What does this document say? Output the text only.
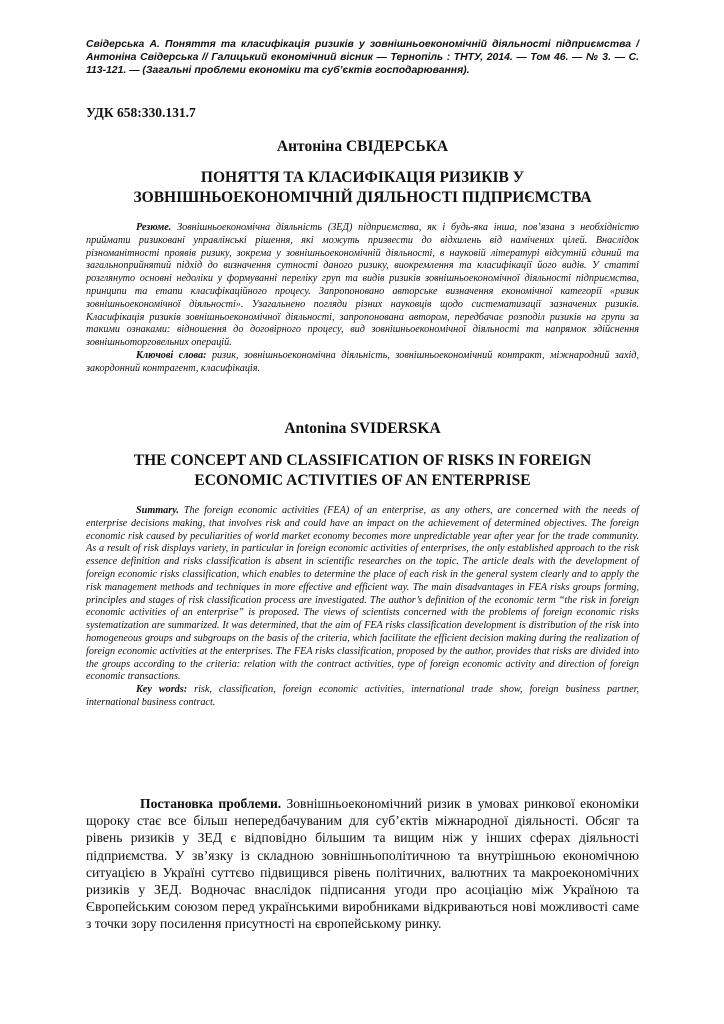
Свідерська А. Поняття та класифікація ризиків у зовнішньоекономічній діяльності підприємства / Антоніна Свідерська // Галицький економічний вісник — Тернопіль : ТНТУ, 2014. — Том 46. — № 3. — С. 113-121. — (Загальні проблеми економіки та суб’єктів господарювання).

УДК 658:330.131.7

Антоніна СВІДЕРСЬКА

ПОНЯТТЯ ТА КЛАСИФІКАЦІЯ РИЗИКІВ У

ЗОВНІШНЬОЕКОНОМІЧНІЙ ДІЯЛЬНОСТІ ПІДПРИЄМСТВА

Резюме. Зовнішньоекономічна діяльність (ЗЕД) підприємства, як і будь-яка інша, пов’язана з необхідністю приймати ризиковані управлінські рішення, які можуть призвести до відхилень від намічених цілей. Внаслідок різноманітності проявів ризику, зокрема у зовнішньоекономічній діяльності, в науковій літературі відсутній єдиний та загальноприйнятий підхід до визначення сутності даного ризику, виокремлення та класифікації його видів. У статті розглянуто основні недоліки у формуванні переліку груп та видів ризиків зовнішньоекономічної діяльності підприємства, принципи та етапи класифікаційного процесу. Запропоновано авторське визначення економічної категорії «ризик зовнішньоекономічної діяльності». Узагальнено погляди різних науковців щодо систематизації зазначених ризиків. Класифікація ризиків зовнішньоекономічної діяльності, запропонована автором, передбачає розподіл ризиків на групи за такими ознаками: відношення до договірного процесу, вид зовнішньоекономічної діяльності та напрямок здійснення зовнішньоторговельних операцій.

Ключові слова: ризик, зовнішньоекономічна діяльність, зовнішньоекономічний контракт, міжнародний захід, закордонний контрагент, класифікація.

Antonina SVIDERSKA

THE CONCEPT AND CLASSIFICATION OF RISKS IN FOREIGN

ECONOMIC ACTIVITIES OF AN ENTERPRISE

Summary. The foreign economic activities (FEA) of an enterprise, as any others, are concerned with the needs of enterprise decisions making, that involves risk and could have an impact on the achievement of determined objectives. The foreign economic risk caused by peculiarities of world market economy becomes more unpredictable year after year for the trade community. As a result of risk displays variety, in particular in foreign economic activities of enterprises, the only established approach to the risk essence definition and risks classification is absent in scientific researches on the topic. The article deals with the development of foreign economic risks classification, which enables to determine the place of each risk in the general system clearly and to apply the risk management methods and techniques in more effective and efficient way. The main disadvantages in FEA risks groups forming, principles and stages of risk classification process are investigated. The author’s definition of the economic term “the risk in foreign economic activities of an enterprise” is proposed. The views of scientists concerned with the problems of foreign economic risks systematization are summarized. It was determined, that the aim of FEA risks classification development is distribution of the risk into homogeneous groups and subgroups on the basis of the criteria, which facilitate the efficient decision making during the realization of foreign economic activities at the enterprises. The FEA risks classification, proposed by the author, provides that risks are divided into the groups according to the criteria: relation with the contract activities, type of foreign economic activity and direction of foreign economic transactions.

Key words: risk, classification, foreign economic activities, international trade show, foreign business partner, international business contract.

Постановка проблеми. Зовнішньоекономічний ризик в умовах ринкової економіки щороку стає все більш непередбачуваним для суб’єктів міжнародної діяльності. Обсяг та рівень ризиків у ЗЕД є відповідно більшим та вищим ніж у інших сферах діяльності підприємства. У зв’язку із складною зовнішньополітичною та внутрішньою економічною ситуацією в Україні суттєво підвищився рівень політичних, валютних та макроекономічних ризиків у ЗЕД. Водночас внаслідок підписання угоди про асоціацію між Україною та Європейським союзом перед українськими виробниками відкриваються нові можливості саме з точки зору посилення присутності на європейському ринку.
